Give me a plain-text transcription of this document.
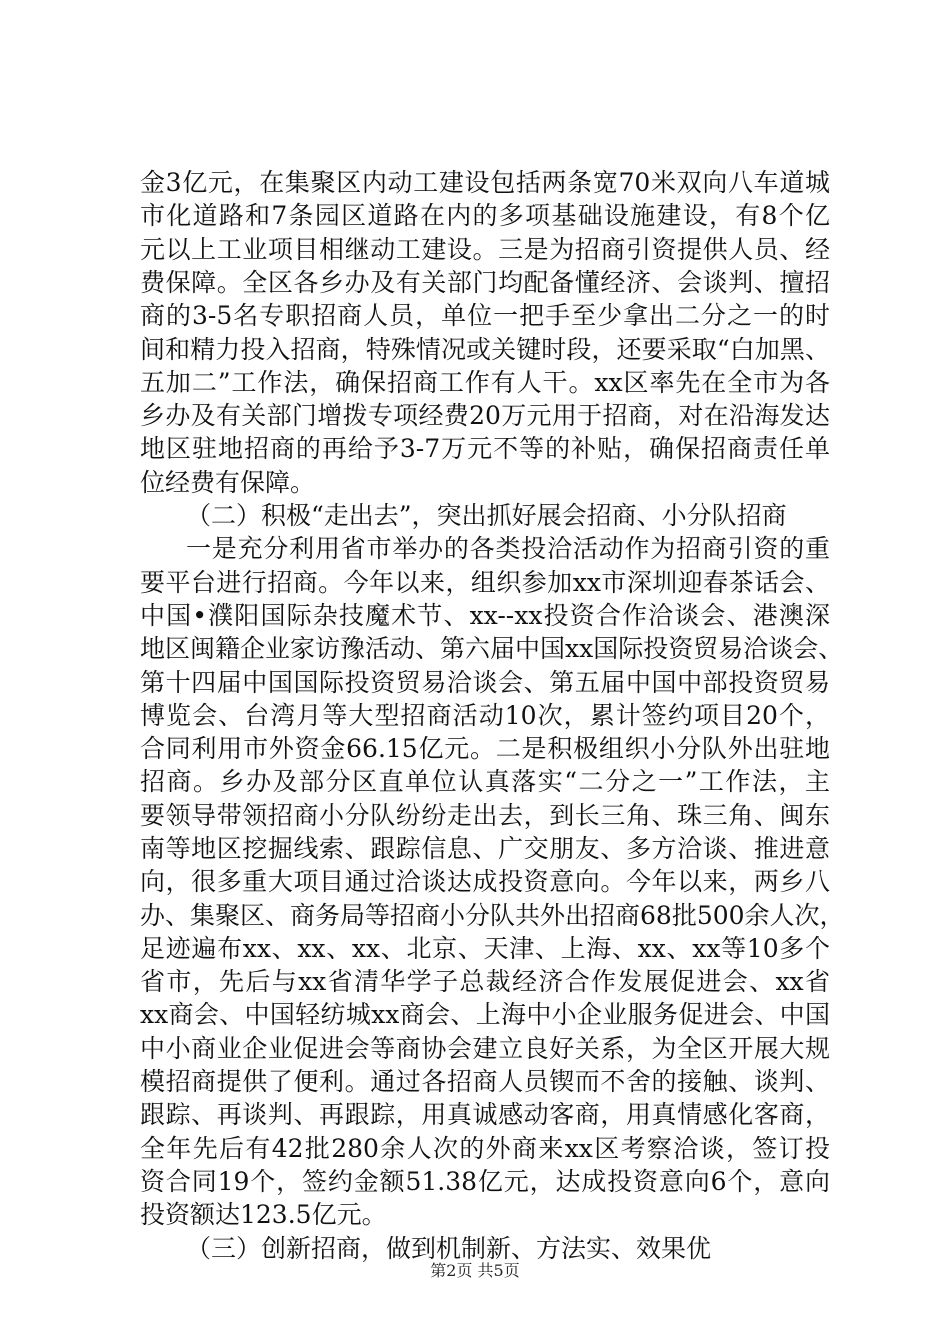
金3亿元，在集聚区内动工建设包括两条宽70米双向八车道城
市化道路和7条园区道路在内的多项基础设施建设，有8个亿
元以上工业项目相继动工建设。三是为招商引资提供人员、经
费保障。全区各乡办及有关部门均配备懂经济、会谈判、擅招
商的3-5名专职招商人员，单位一把手至少拿出二分之一的时
间和精力投入招商，特殊情况或关键时段，还要采取“白加黑、
五加二”工作法，确保招商工作有人干。xx区率先在全市为各
乡办及有关部门增拨专项经费20万元用于招商，对在沿海发达
地区驻地招商的再给予3-7万元不等的补贴，确保招商责任单
位经费有保障。
（二）积极“走出去”，突出抓好展会招商、小分队招商
一是充分利用省市举办的各类投洽活动作为招商引资的重
要平台进行招商。今年以来，组织参加xx市深圳迎春茶话会、
中国•濮阳国际杂技魔术节、xx--xx投资合作洽谈会、港澳深
地区闽籍企业家访豫活动、第六届中国xx国际投资贸易洽谈会、
第十四届中国国际投资贸易洽谈会、第五届中国中部投资贸易
博览会、台湾月等大型招商活动10次，累计签约项目20个，
合同利用市外资金66.15亿元。二是积极组织小分队外出驻地
招商。乡办及部分区直单位认真落实“二分之一”工作法，主
要领导带领招商小分队纷纷走出去，到长三角、珠三角、闽东
南等地区挖掘线索、跟踪信息、广交朋友、多方洽谈、推进意
向，很多重大项目通过洽谈达成投资意向。今年以来，两乡八
办、集聚区、商务局等招商小分队共外出招商68批500余人次，
足迹遍布xx、xx、xx、北京、天津、上海、xx、xx等10多个
省市，先后与xx省清华学子总裁经济合作发展促进会、xx省
xx商会、中国轻纺城xx商会、上海中小企业服务促进会、中国
中小商业企业促进会等商协会建立良好关系，为全区开展大规
模招商提供了便利。通过各招商人员锲而不舍的接触、谈判、
跟踪、再谈判、再跟踪，用真诚感动客商，用真情感化客商，
全年先后有42批280余人次的外商来xx区考察洽谈，签订投
资合同19个，签约金额51.38亿元，达成投资意向6个，意向
投资额达123.5亿元。
（三）创新招商，做到机制新、方法实、效果优
第2页 共5页
